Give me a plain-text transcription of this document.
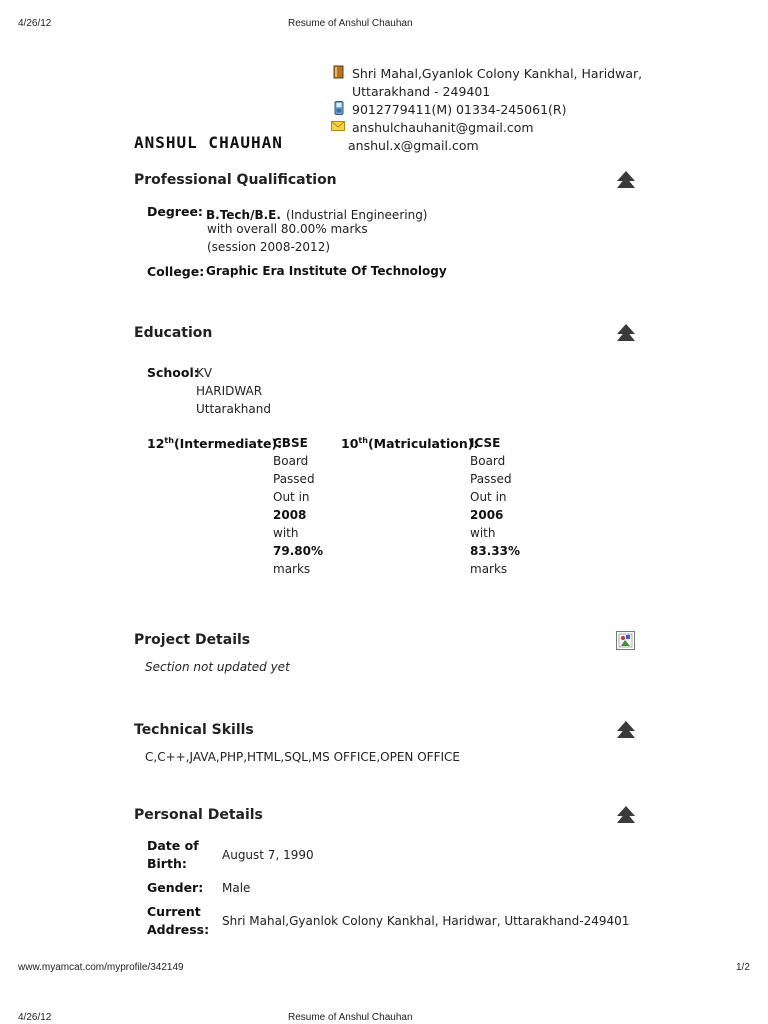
4/26/12	Resume of Anshul Chauhan
Shri Mahal,Gyanlok Colony Kankhal, Haridwar,
Uttarakhand - 249401
9012779411(M) 01334-245061(R)
anshulchauhanit@gmail.com
anshul.x@gmail.com
ANSHUL CHAUHAN
Professional Qualification
Degree: B.Tech/B.E. (Industrial Engineering)
with overall 80.00% marks
(session 2008-2012)
College: Graphic Era Institute Of Technology
Education
School:
KV
HARIDWAR
Uttarakhand
12th(Intermediate):
CBSE
Board
Passed
Out in
2008
with
79.80%
marks
10th(Matriculation):
ICSE
Board
Passed
Out in
2006
with
83.33%
marks
Project Details
Section not updated yet
Technical Skills
C,C++,JAVA,PHP,HTML,SQL,MS OFFICE,OPEN OFFICE
Personal Details
Date of
Birth:
August 7, 1990
Gender: Male
Current
Address:
Shri Mahal,Gyanlok Colony Kankhal, Haridwar, Uttarakhand-249401
www.myamcat.com/myprofile/342149	1/2
4/26/12	Resume of Anshul Chauhan
